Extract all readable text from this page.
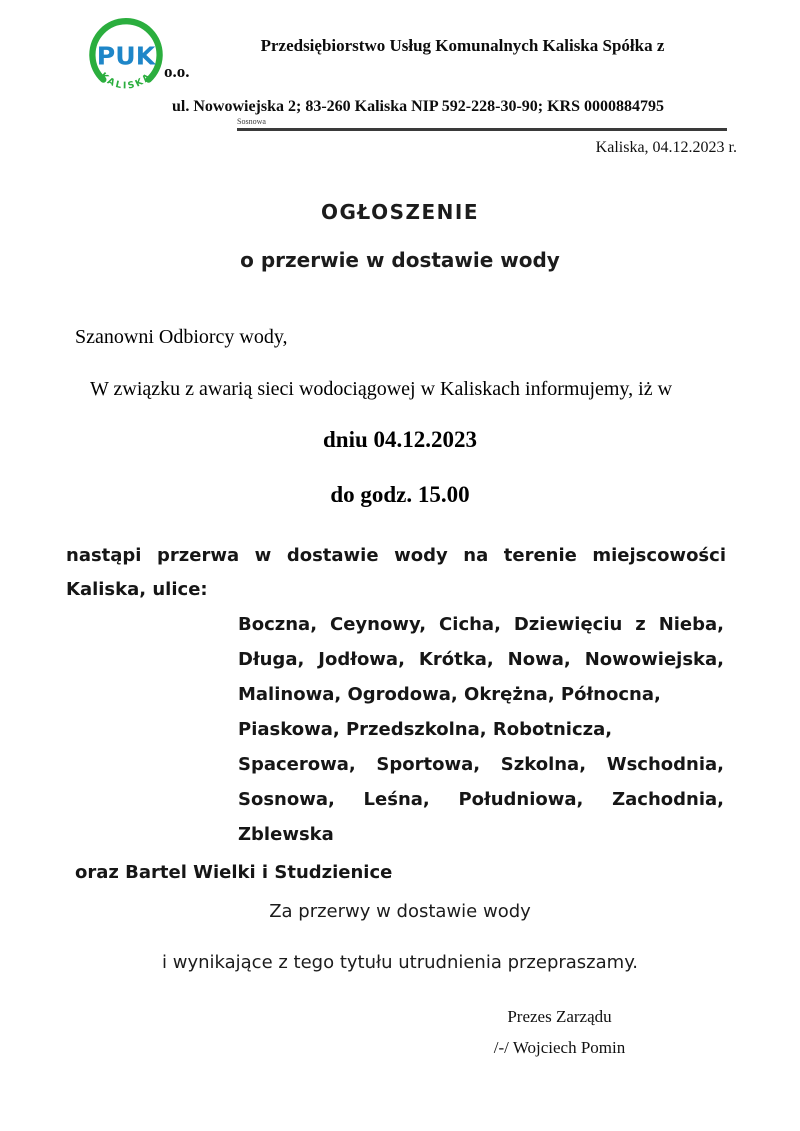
PUK
KALISKA
Przedsiębiorstwo Usług Komunalnych Kaliska Spółka z
o.o.
ul. Nowowiejska 2; 83-260 Kaliska NIP 592-228-30-90; KRS 0000884795
Sosnowa
Kaliska, 04.12.2023 r.
OGŁOSZENIE
o przerwie w dostawie wody
Szanowni Odbiorcy wody,
W związku z awarią sieci wodociągowej w Kaliskach informujemy, iż w
dniu 04.12.2023
do godz. 15.00
nastąpi przerwa w dostawie wody na terenie miejscowości
Kaliska, ulice:
Boczna, Ceynowy, Cicha, Dziewięciu z Nieba,
Długa, Jodłowa, Krótka, Nowa, Nowowiejska,
Malinowa, Ogrodowa, Okrężna, Północna,
Piaskowa, Przedszkolna, Robotnicza,
Spacerowa, Sportowa, Szkolna, Wschodnia,
Sosnowa, Leśna, Południowa, Zachodnia,
Zblewska
oraz Bartel Wielki i Studzienice
Za przerwy w dostawie wody
i wynikające z tego tytułu utrudnienia przepraszamy.
Prezes Zarządu
/-/ Wojciech Pomin
